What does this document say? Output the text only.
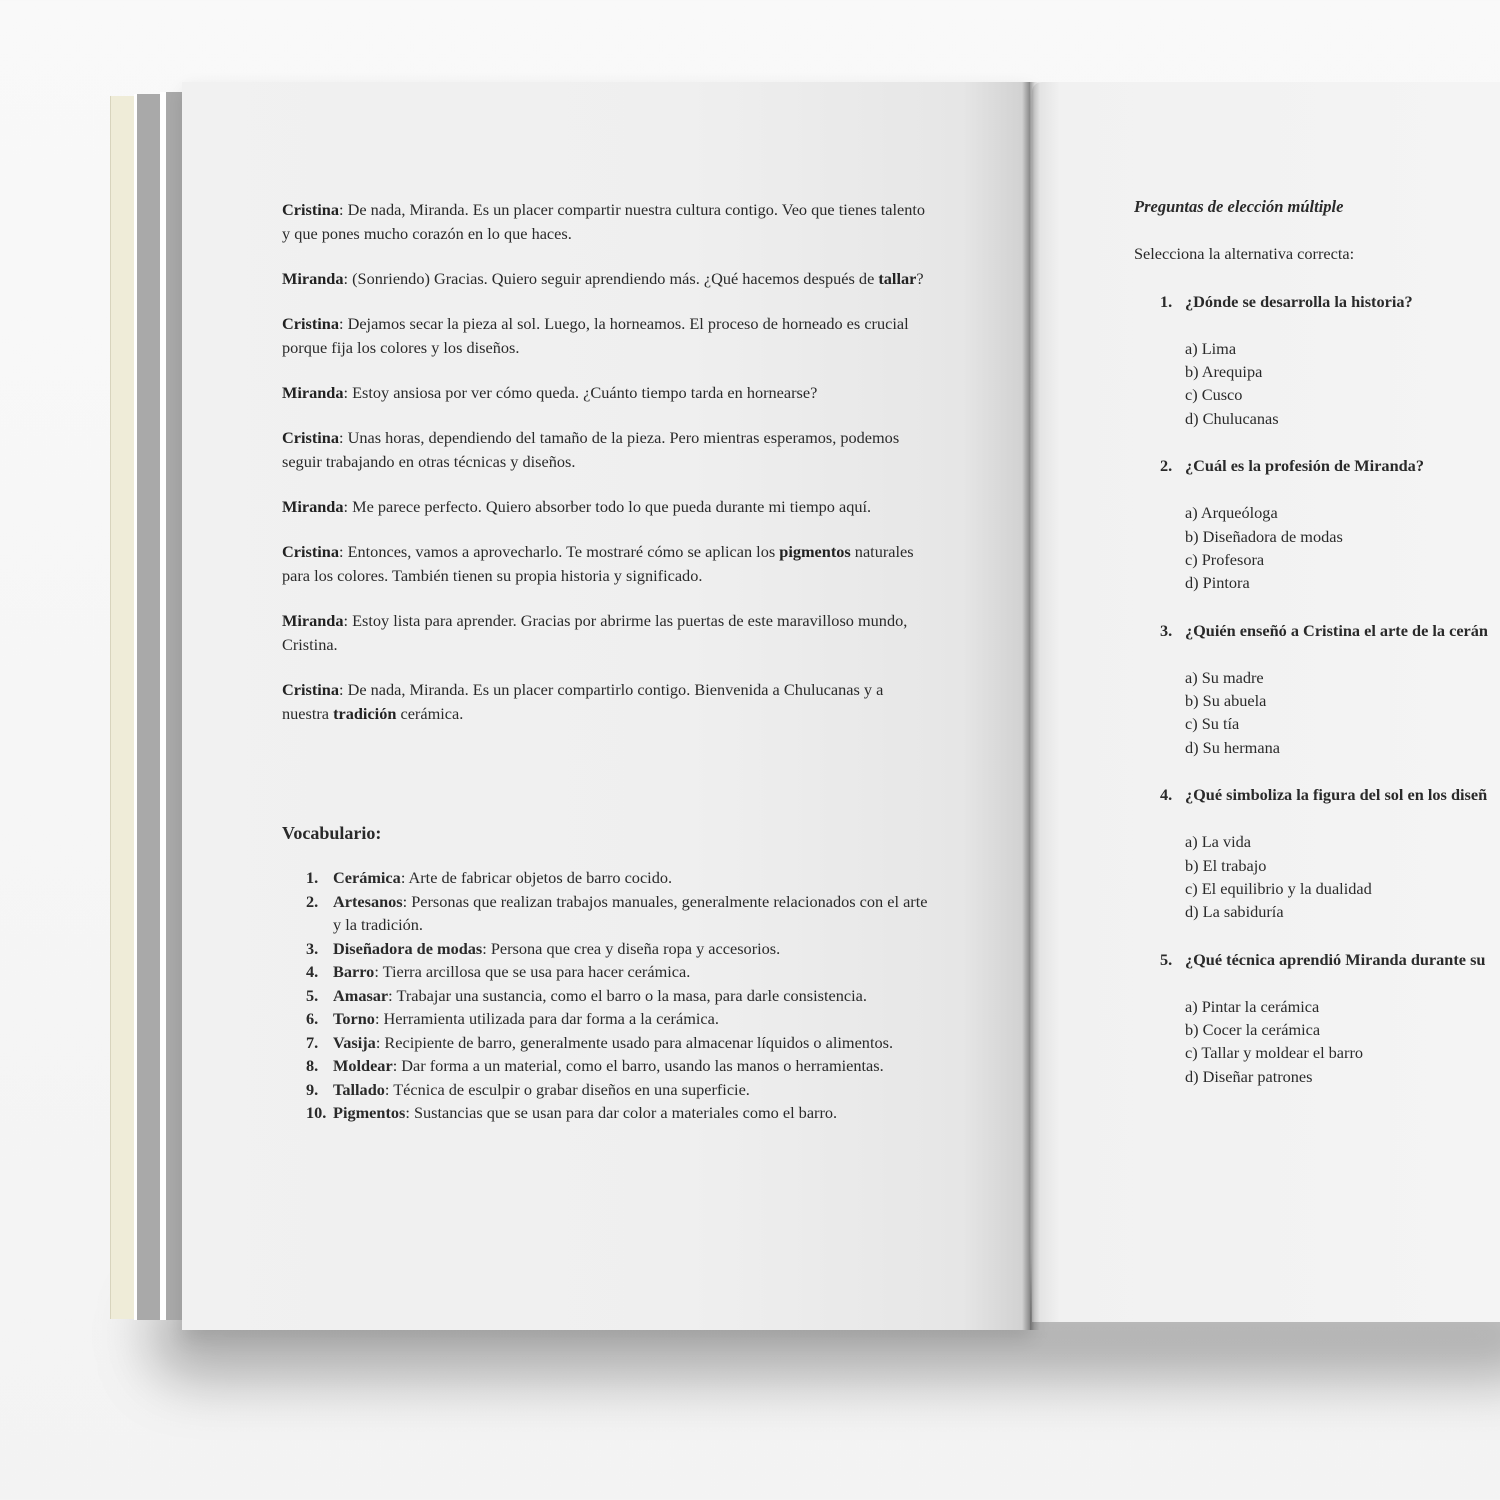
Cristina: De nada, Miranda. Es un placer compartir nuestra cultura contigo. Veo que tienes talento y que pones mucho corazón en lo que haces.

Miranda: (Sonriendo) Gracias. Quiero seguir aprendiendo más. ¿Qué hacemos después de tallar?

Cristina: Dejamos secar la pieza al sol. Luego, la horneamos. El proceso de horneado es crucial porque fija los colores y los diseños.

Miranda: Estoy ansiosa por ver cómo queda. ¿Cuánto tiempo tarda en hornearse?

Cristina: Unas horas, dependiendo del tamaño de la pieza. Pero mientras esperamos, podemos seguir trabajando en otras técnicas y diseños.

Miranda: Me parece perfecto. Quiero absorber todo lo que pueda durante mi tiempo aquí.

Cristina: Entonces, vamos a aprovecharlo. Te mostraré cómo se aplican los pigmentos naturales para los colores. También tienen su propia historia y significado.

Miranda: Estoy lista para aprender. Gracias por abrirme las puertas de este maravilloso mundo, Cristina.

Cristina: De nada, Miranda. Es un placer compartirlo contigo. Bienvenida a Chulucanas y a nuestra tradición cerámica.

Vocabulario:
1. Cerámica: Arte de fabricar objetos de barro cocido.
2. Artesanos: Personas que realizan trabajos manuales, generalmente relacionados con el arte y la tradición.
3. Diseñadora de modas: Persona que crea y diseña ropa y accesorios.
4. Barro: Tierra arcillosa que se usa para hacer cerámica.
5. Amasar: Trabajar una sustancia, como el barro o la masa, para darle consistencia.
6. Torno: Herramienta utilizada para dar forma a la cerámica.
7. Vasija: Recipiente de barro, generalmente usado para almacenar líquidos o alimentos.
8. Moldear: Dar forma a un material, como el barro, usando las manos o herramientas.
9. Tallado: Técnica de esculpir o grabar diseños en una superficie.
10. Pigmentos: Sustancias que se usan para dar color a materiales como el barro.

Preguntas de elección múltiple

Selecciona la alternativa correcta:

1. ¿Dónde se desarrolla la historia?
a) Lima
b) Arequipa
c) Cusco
d) Chulucanas
2. ¿Cuál es la profesión de Miranda?
a) Arqueóloga
b) Diseñadora de modas
c) Profesora
d) Pintora
3. ¿Quién enseñó a Cristina el arte de la cerán
a) Su madre
b) Su abuela
c) Su tía
d) Su hermana
4. ¿Qué simboliza la figura del sol en los diseñ
a) La vida
b) El trabajo
c) El equilibrio y la dualidad
d) La sabiduría
5. ¿Qué técnica aprendió Miranda durante su
a) Pintar la cerámica
b) Cocer la cerámica
c) Tallar y moldear el barro
d) Diseñar patrones
